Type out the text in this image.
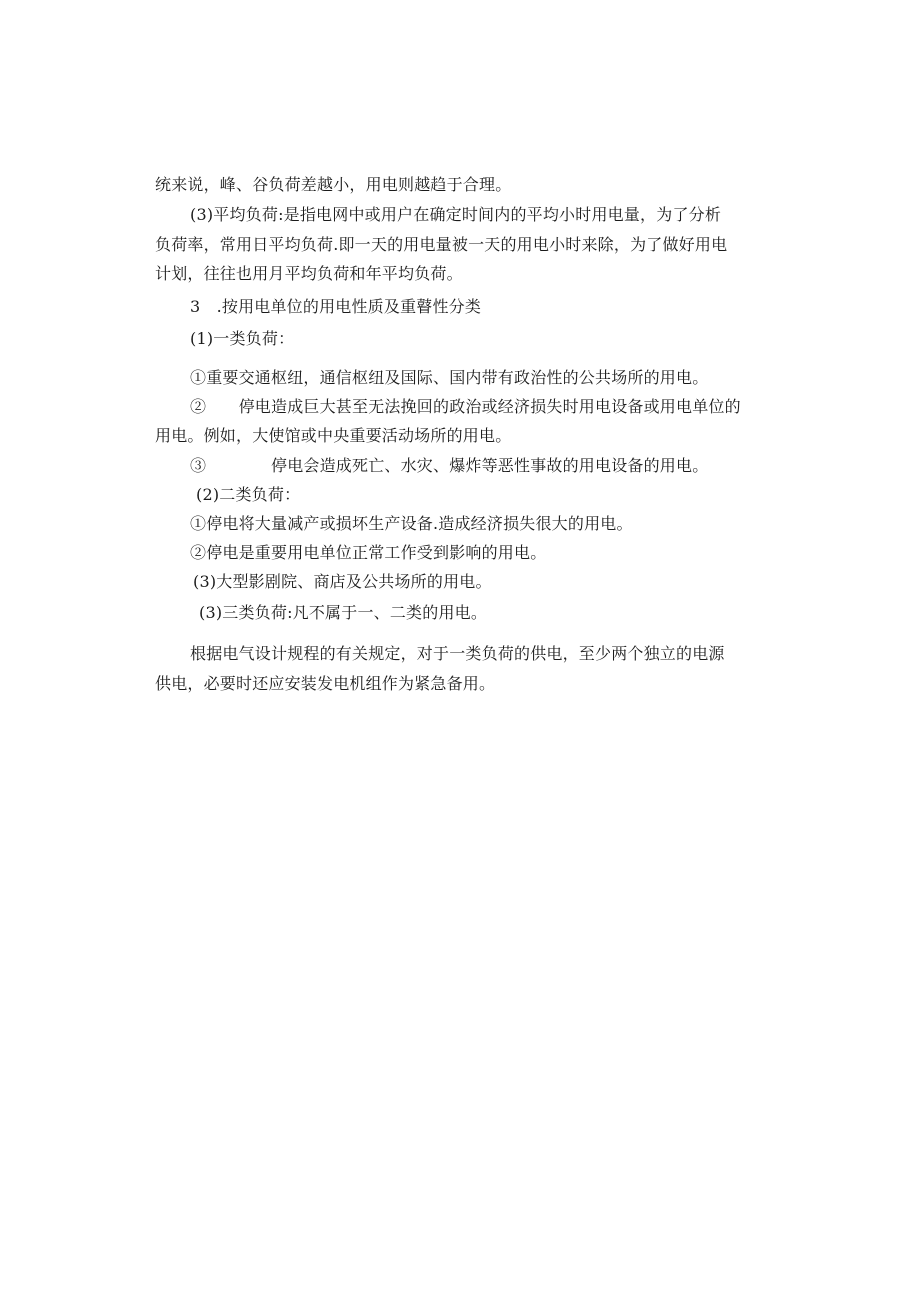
统来说，峰、谷负荷差越小，用电则越趋于合理。
(3)平均负荷:是指电网中或用户在确定时间内的平均小时用电量，为了分析
负荷率，常用日平均负荷.即一天的用电量被一天的用电小时来除，为了做好用电
计划，往往也用月平均负荷和年平均负荷。
3　.按用电单位的用电性质及重瞽性分类
(1)一类负荷：
①重要交通枢纽，通信枢纽及国际、国内带有政治性的公共场所的用电。
②　　停电造成巨大甚至无法挽回的政治或经济损失时用电设备或用电单位的
用电。例如，大使馆或中央重要活动场所的用电。
③　　　　停电会造成死亡、水灾、爆炸等恶性事故的用电设备的用电。
(2)二类负荷：
①停电将大量减产或损坏生产设备.造成经济损失很大的用电。
②停电是重要用电单位正常工作受到影响的用电。
(3)大型影剧院、商店及公共场所的用电。
(3)三类负荷:凡不属于一、二类的用电。
根据电气设计规程的有关规定，对于一类负荷的供电，至少两个独立的电源
供电，必要时还应安装发电机组作为紧急备用。
